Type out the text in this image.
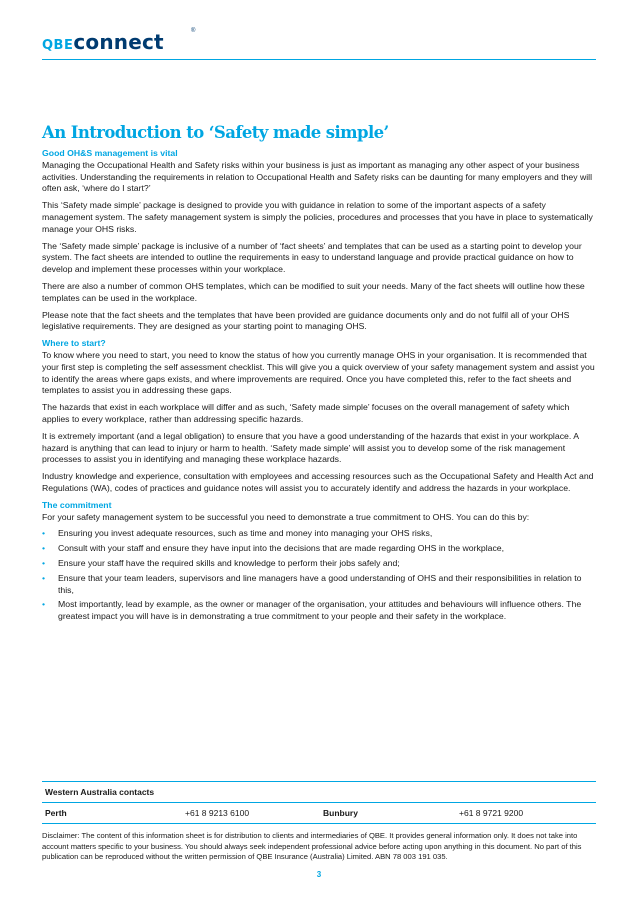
QBEconnect	®
An Introduction to ‘Safety made simple’
Good OH&S management is vital

Managing the Occupational Health and Safety risks within your business is just as important as managing any other aspect of your business activities. Understanding the requirements in relation to Occupational Health and Safety risks can be daunting for many employers and they will often ask, ‘where do I start?’

This ‘Safety made simple’ package is designed to provide you with guidance in relation to some of the important aspects of a safety management system. The safety management system is simply the policies, procedures and processes that you have in place to systematically manage your OHS risks.

The ‘Safety made simple’ package is inclusive of a number of ‘fact sheets’ and templates that can be used as a starting point to develop your system. The fact sheets are intended to outline the requirements in easy to understand language and provide practical guidance on how to develop and implement these processes within your workplace.

There are also a number of common OHS templates, which can be modified to suit your needs. Many of the fact sheets will outline how these templates can be used in the workplace.

Please note that the fact sheets and the templates that have been provided are guidance documents only and do not fulfil all of your OHS legislative requirements. They are designed as your starting point to managing OHS.

Where to start?

To know where you need to start, you need to know the status of how you currently manage OHS in your organisation. It is recommended that your first step is completing the self assessment checklist. This will give you a quick overview of your safety management system and assist you to identify the areas where gaps exists, and where improvements are required. Once you have completed this, refer to the fact sheets and templates to assist you in addressing these gaps.

The hazards that exist in each workplace will differ and as such, ‘Safety made simple’ focuses on the overall management of safety which applies to every workplace, rather than addressing specific hazards.

It is extremely important (and a legal obligation) to ensure that you have a good understanding of the hazards that exist in your workplace. A hazard is anything that can lead to injury or harm to health. ‘Safety made simple’ will assist you to develop some of the risk management processes to assist you in identifying and managing these workplace hazards.

Industry knowledge and experience, consultation with employees and accessing resources such as the Occupational Safety and Health Act and Regulations (WA), codes of practices and guidance notes will assist you to accurately identify and address the hazards in your workplace.

The commitment

For your safety management system to be successful you need to demonstrate a true commitment to OHS. You can do this by:

• Ensuring you invest adequate resources, such as time and money into managing your OHS risks,
• Consult with your staff and ensure they have input into the decisions that are made regarding OHS in the workplace,
• Ensure your staff have the required skills and knowledge to perform their jobs safely and;
• Ensure that your team leaders, supervisors and line managers have a good understanding of OHS and their responsibilities in relation to this,
• Most importantly, lead by example, as the owner or manager of the organisation, your attitudes and behaviours will influence others. The greatest impact you will have is in demonstrating a true commitment to your people and their safety in the workplace.
Western Australia contacts
Perth	+61 8 9213 6100	Bunbury	+61 8 9721 9200
Disclaimer: The content of this information sheet is for distribution to clients and intermediaries of QBE. It provides general information only. It does not take into account matters specific to your business. You should always seek independent professional advice before acting upon anything in this document. No part of this publication can be reproduced without the written permission of QBE Insurance (Australia) Limited. ABN 78 003 191 035.
3
